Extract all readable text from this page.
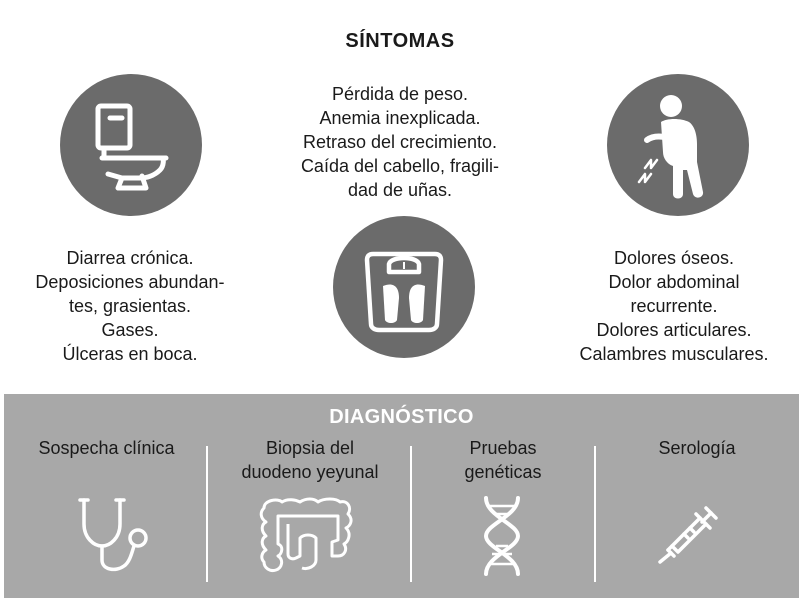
SÍNTOMAS
Pérdida de peso.
Anemia inexplicada.
Retraso del crecimiento.
Caída del cabello, fragili-
dad de uñas.
Diarrea crónica.
Deposiciones abundan-
tes, grasientas.
Gases.
Úlceras en boca.
Dolores óseos.
Dolor abdominal
recurrente.
Dolores articulares.
Calambres musculares.
DIAGNÓSTICO
Sospecha clínica	Biopsia del
duodeno yeyunal
Pruebas
genéticas
Serología
